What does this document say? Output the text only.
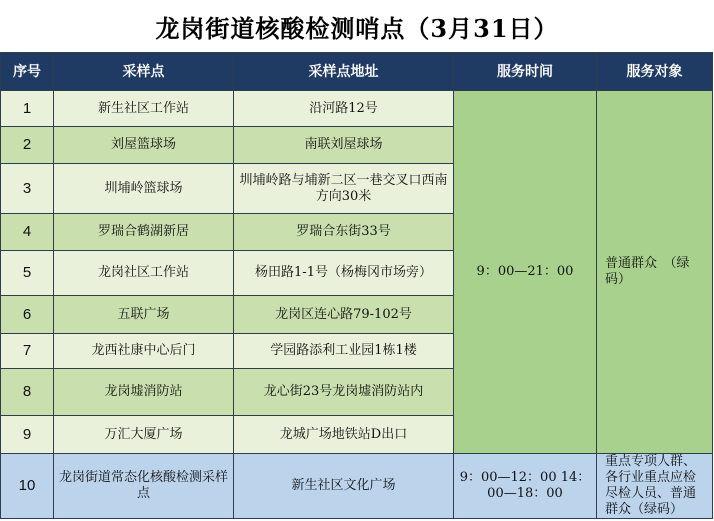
龙岗街道核酸检测哨点（3月31日）
序号	采样点	采样点地址	服务时间	服务对象
1	新生社区工作站	沿河路12号	9：00—21：00	普通群众　（绿码）
2	刘屋篮球场	南联刘屋球场		
3	圳埔岭篮球场	圳埔岭路与埔新二区一巷交叉口西南方向30米		
4	罗瑞合鹤湖新居	罗瑞合东街33号		
5	龙岗社区工作站	杨田路1-1号（杨梅冈市场旁）		
6	五联广场	龙岗区连心路79-102号		
7	龙西社康中心后门	学园路添利工业园1栋1楼		
8	龙岗墟消防站	龙心街23号龙岗墟消防站内		
9	万汇大厦广场	龙城广场地铁站D出口		
10	龙岗街道常态化核酸检测采样点	新生社区文化广场	9：00—12：00 14：00—18：00	重点专项人群、各行业重点应检尽检人员、普通群众（绿码）
